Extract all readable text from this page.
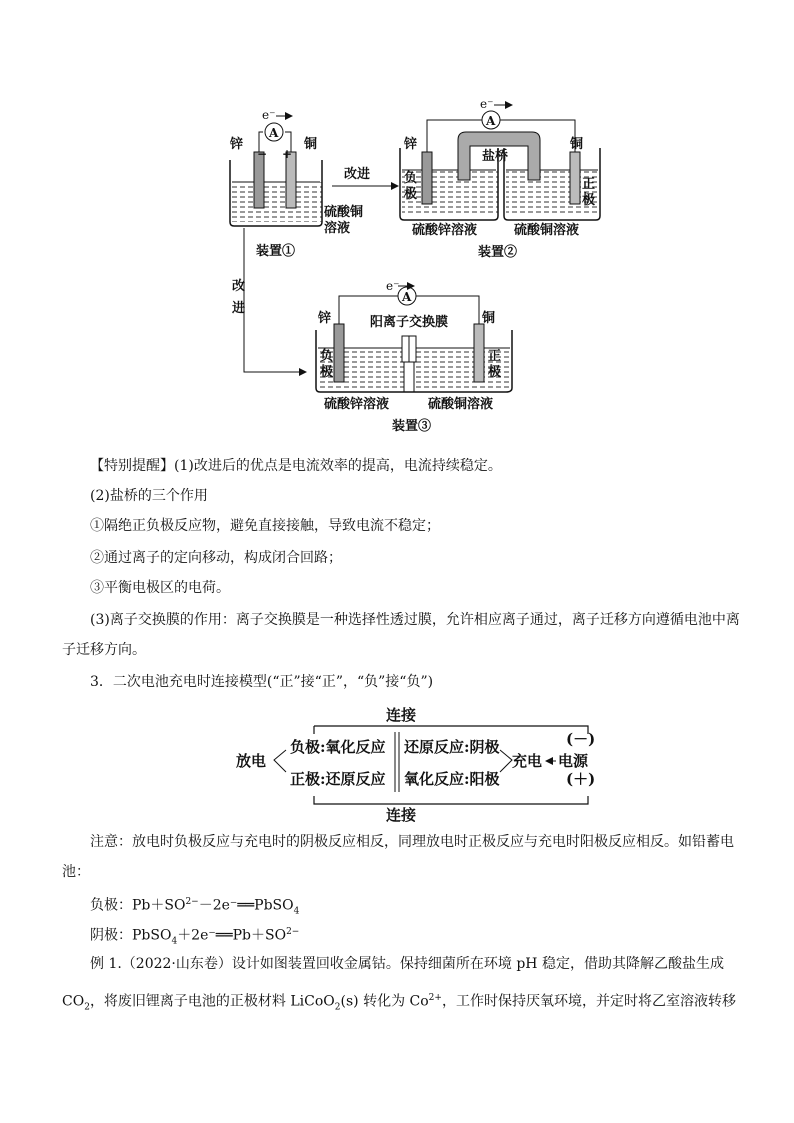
A
e⁻
锌	铜
− +
硫酸铜
溶液
装置①
改进
改
进
A
e⁻
锌	铜
盐桥
负
极
正
极
硫酸锌溶液	硫酸铜溶液
装置②
A
e⁻
锌	铜
阳离子交换膜
负
极
正
极
硫酸锌溶液	硫酸铜溶液
装置③
【特别提醒】(1)改进后的优点是电流效率的提高，电流持续稳定。
(2)盐桥的三个作用
①隔绝正负极反应物，避免直接接触，导致电流不稳定；
②通过离子的定向移动，构成闭合回路；
③平衡电极区的电荷。
(3)离子交换膜的作用：离子交换膜是一种选择性透过膜，允许相应离子通过，离子迁移方向遵循电池中离
子迁移方向。
3．二次电池充电时连接模型(“正”接“正”，“负”接“负”)
连接
放电
负极:氧化反应
正极:还原反应
还原反应:阴极
氧化反应:阳极
充电 电源
(－)
(＋)
连接
注意：放电时负极反应与充电时的阴极反应相反，同理放电时正极反应与充电时阳极反应相反。如铅蓄电
池：
负极：$Pb+SO^{2-}-2e^-══PbSO_4$
阴极：$PbSO_4+2e^-══Pb+SO^{2-}$
例 1.（2022·山东卷）设计如图装置回收金属钴。保持细菌所在环境 pH 稳定，借助其降解乙酸盐生成
$CO_2$，将废旧锂离子电池的正极材料 LiCoO$_2$(s) 转化为 $Co^{2+}$，工作时保持厌氧环境，并定时将乙室溶液转移
